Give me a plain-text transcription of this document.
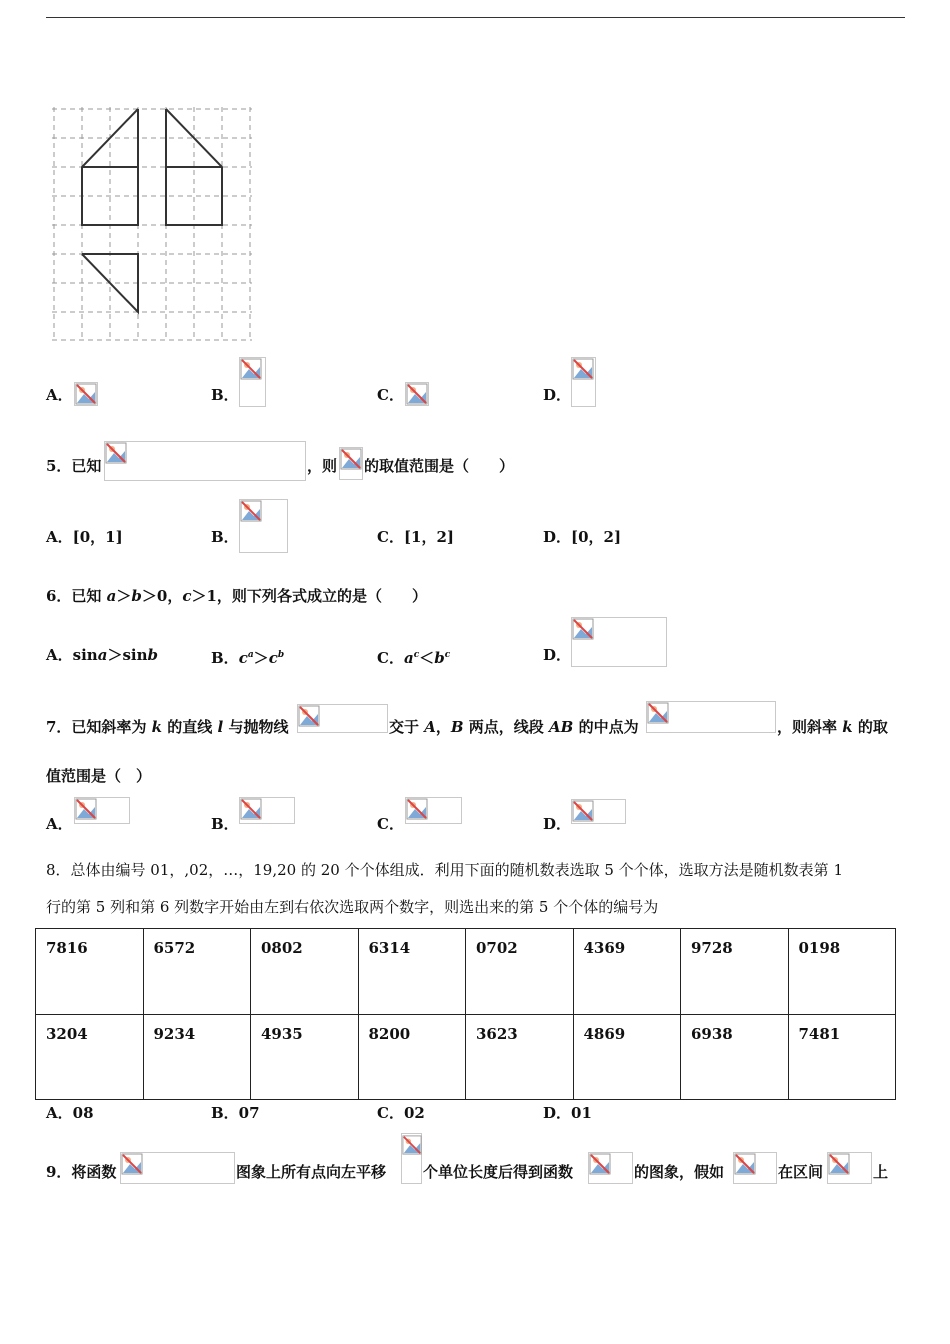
A．	B．	C．	D．
5．已知	，则 的取值范围是（　　）
A．[0，1]	B．	C．[1，2]	D．[0，2]
6．已知 a＞b＞0，c＞1，则下列各式成立的是（　　）
A．sina＞sinb	B．$c^a>c^b$	C．$a^c<b^c$	D．
7．已知斜率为 k 的直线 l 与抛物线	交于 A，B 两点，线段 AB 的中点为	，则斜率 k 的取
值范围是（　）
A．	B．	C．	D．
8．总体由编号 01，,02，…，19,20 的 20 个个体组成．利用下面的随机数表选取 5 个个体，选取方法是随机数表第 1
行的第 5 列和第 6 列数字开始由左到右依次选取两个数字，则选出来的第 5 个个体的编号为
7816	6572	0802	6314	0702	4369	9728	0198
3204	9234	4935	8200	3623	4869	6938	7481
A．08	B．07	C．02	D．01
9．将函数	图象上所有点向左平移 个单位长度后得到函数	的图象，假如	在区间	上
